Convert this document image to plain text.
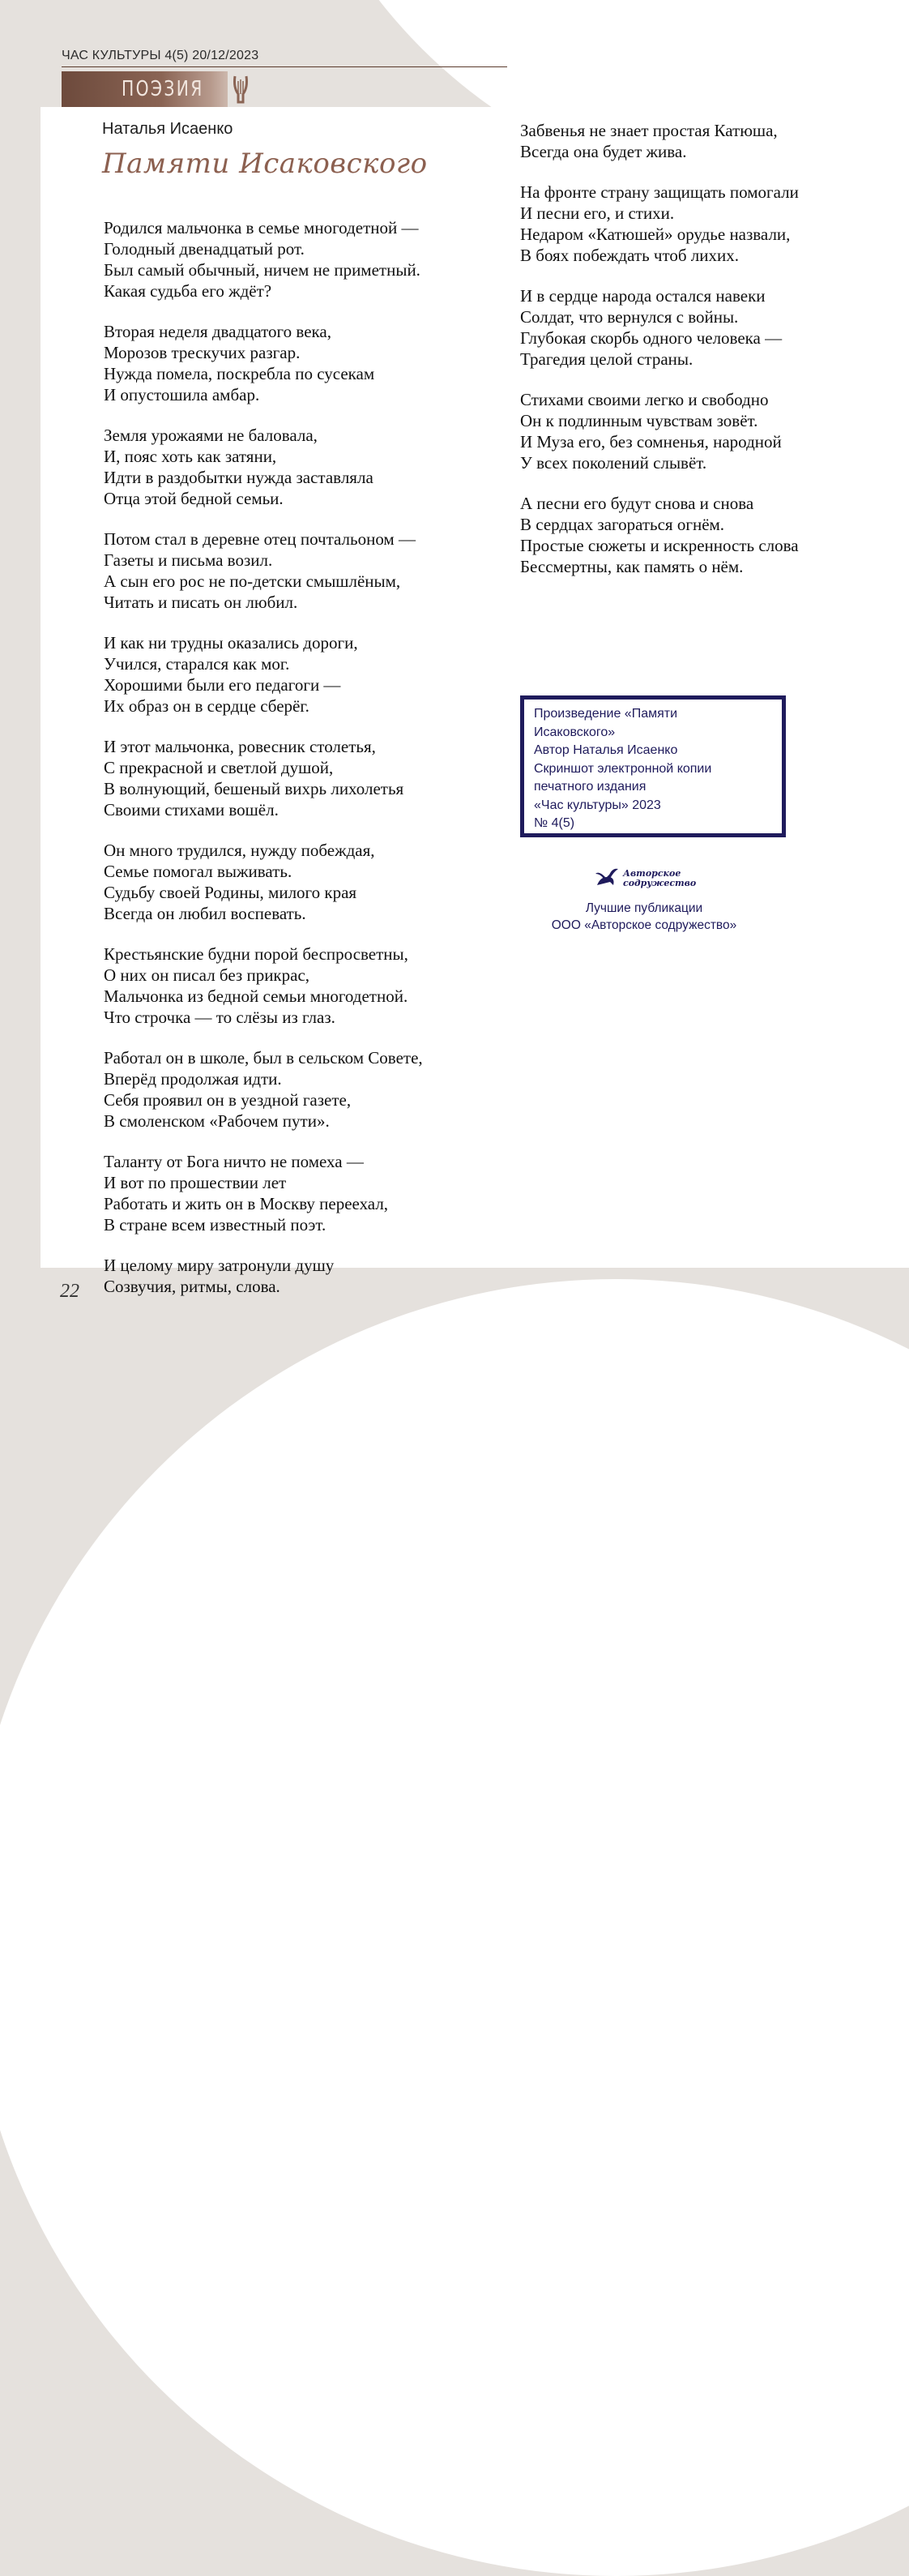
ЧАС КУЛЬТУРЫ 4(5) 20/12/2023
ПОЭЗИЯ
Наталья Исаенко
Памяти Исаковского
Родился мальчонка в семье многодетной —
Голодный двенадцатый рот.
Был самый обычный, ничем не приметный.
Какая судьба его ждёт?
Вторая неделя двадцатого века,
Морозов трескучих разгар.
Нужда помела, поскребла по сусекам
И опустошила амбар.
Земля урожаями не баловала,
И, пояс хоть как затяни,
Идти в раздобытки нужда заставляла
Отца этой бедной семьи.
Потом стал в деревне отец почтальоном —
Газеты и письма возил.
А сын его рос не по-детски смышлёным,
Читать и писать он любил.
И как ни трудны оказались дороги,
Учился, старался как мог.
Хорошими были его педагоги —
Их образ он в сердце сберёг.
И этот мальчонка, ровесник столетья,
С прекрасной и светлой душой,
В волнующий, бешеный вихрь лихолетья
Своими стихами вошёл.
Он много трудился, нужду побеждая,
Семье помогал выживать.
Судьбу своей Родины, милого края
Всегда он любил воспевать.
Крестьянские будни порой беспросветны,
О них он писал без прикрас,
Мальчонка из бедной семьи многодетной.
Что строчка — то слёзы из глаз.
Работал он в школе, был в сельском Совете,
Вперёд продолжая идти.
Себя проявил он в уездной газете,
В смоленском «Рабочем пути».
Таланту от Бога ничто не помеха —
И вот по прошествии лет
Работать и жить он в Москву переехал,
В стране всем известный поэт.
И целому миру затронули душу
Созвучия, ритмы, слова.
Забвенья не знает простая Катюша,
Всегда она будет жива.
На фронте страну защищать помогали
И песни его, и стихи.
Недаром «Катюшей» орудье назвали,
В боях побеждать чтоб лихих.
И в сердце народа остался навеки
Солдат, что вернулся с войны.
Глубокая скорбь одного человека —
Трагедия целой страны.
Стихами своими легко и свободно
Он к подлинным чувствам зовёт.
И Муза его, без сомненья, народной
У всех поколений слывёт.
А песни его будут снова и снова
В сердцах загораться огнём.
Простые сюжеты и искренность слова
Бессмертны, как память о нём.
Произведение «Памяти
Исаковского»
Автор Наталья Исаенко
Скриншот электронной копии
печатного издания
«Час культуры» 2023
№ 4(5)
Авторское
содружество
Лучшие публикации
ООО «Авторское содружество»
22
